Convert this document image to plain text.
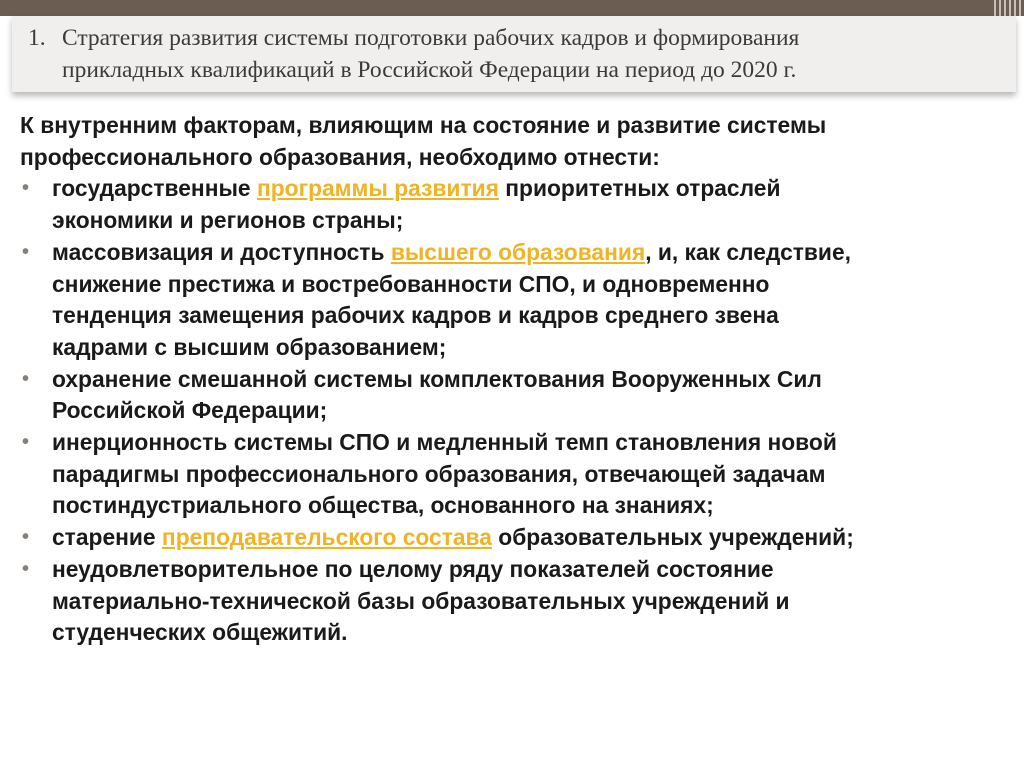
1. Стратегия развития системы подготовки рабочих кадров и формирования
прикладных квалификаций в Российской Федерации на период до 2020 г.

К внутренним факторам, влияющим на состояние и развитие системы
профессионального образования, необходимо отнести:

•	государственные программы развития приоритетных отраслей
экономики и регионов страны;
•	массовизация и доступность высшего образования, и, как следствие,
снижение престижа и востребованности СПО, и одновременно
тенденция замещения рабочих кадров и кадров среднего звена
кадрами с высшим образованием;
•	охранение смешанной системы комплектования Вооруженных Сил
Российской Федерации;
•	инерционность системы СПО и медленный темп становления новой
парадигмы профессионального образования, отвечающей задачам
постиндустриального общества, основанного на знаниях;
•	старение преподавательского состава образовательных учреждений;
•	неудовлетворительное по целому ряду показателей состояние
материально-технической базы образовательных учреждений и
студенческих общежитий.
